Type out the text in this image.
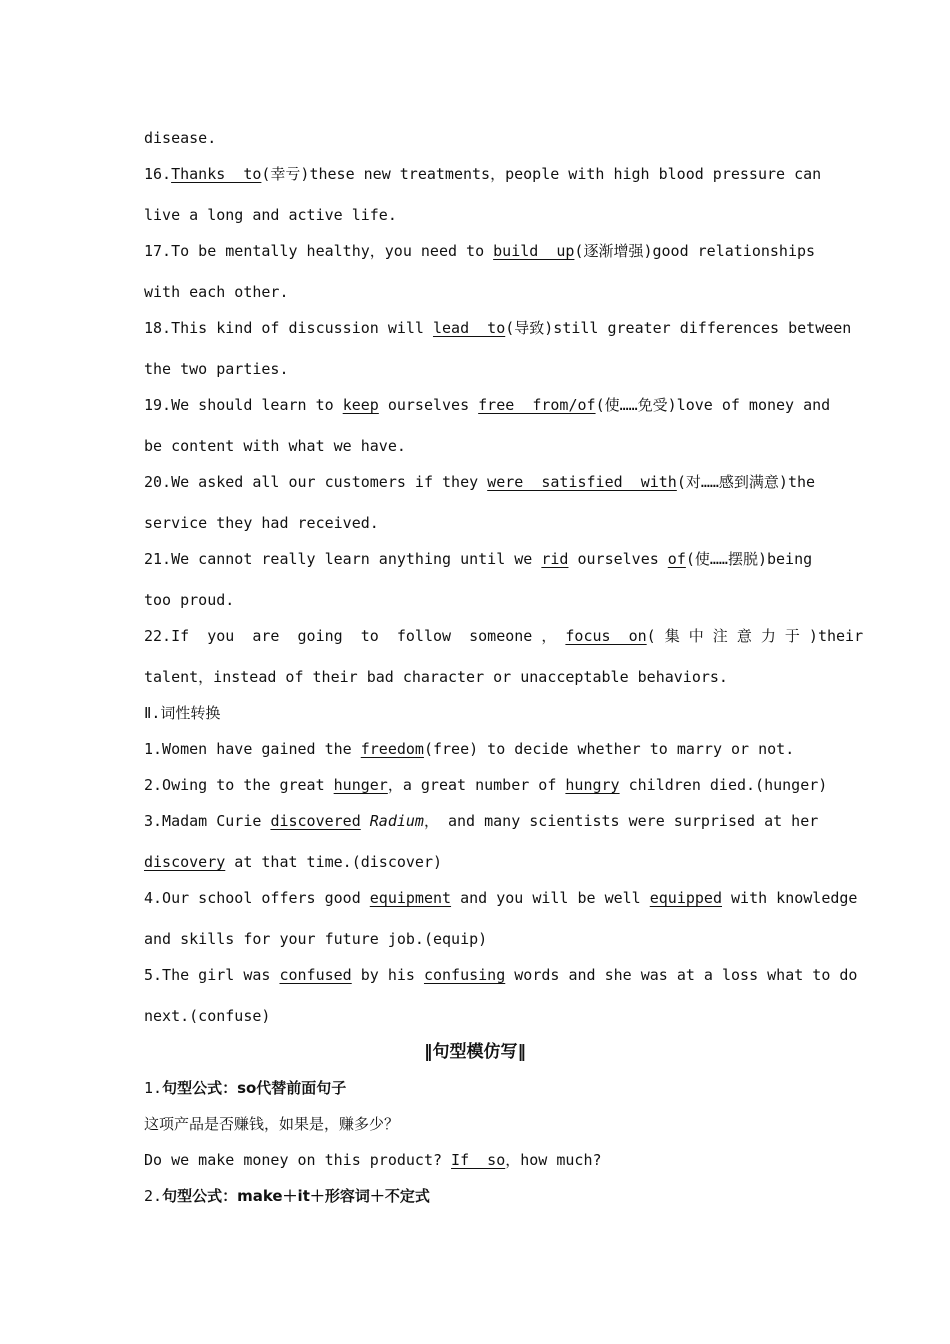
disease.
16.Thanks  to(幸亏)these new treatments，people with high blood pressure can
live a long and active life.
17.To be mentally healthy，you need to build  up(逐渐增强)good relationships
with each other.
18.This kind of discussion will lead  to(导致)still greater differences between
the two parties.
19.We should learn to keep ourselves free  from/of(使……免受)love of money and
be content with what we have.
20.We asked all our customers if they were  satisfied  with(对……感到满意)the
service they had received.
21.We cannot really learn anything until we rid ourselves of(使……摆脱)being
too proud.
22.If  you  are  going  to  follow  someone ， focus  on( 集 中 注 意 力 于 )their
talent，instead of their bad character or unacceptable behaviors.
Ⅱ.词性转换
1.Women have gained the freedom(free) to decide whether to marry or not.
2.Owing to the great hunger，a great number of hungry children died.(hunger)
3.Madam Curie discovered Radium， and many scientists were surprised at her
discovery at that time.(discover)
4.Our school offers good equipment and you will be well equipped with knowledge
and skills for your future job.(equip)
5.The girl was confused by his confusing words and she was at a loss what to do
next.(confuse)
‖句型模仿写‖
1.句型公式：so代替前面句子
这项产品是否赚钱，如果是，赚多少？
Do we make money on this product? If  so，how much?
2.句型公式：make＋it＋形容词＋不定式
